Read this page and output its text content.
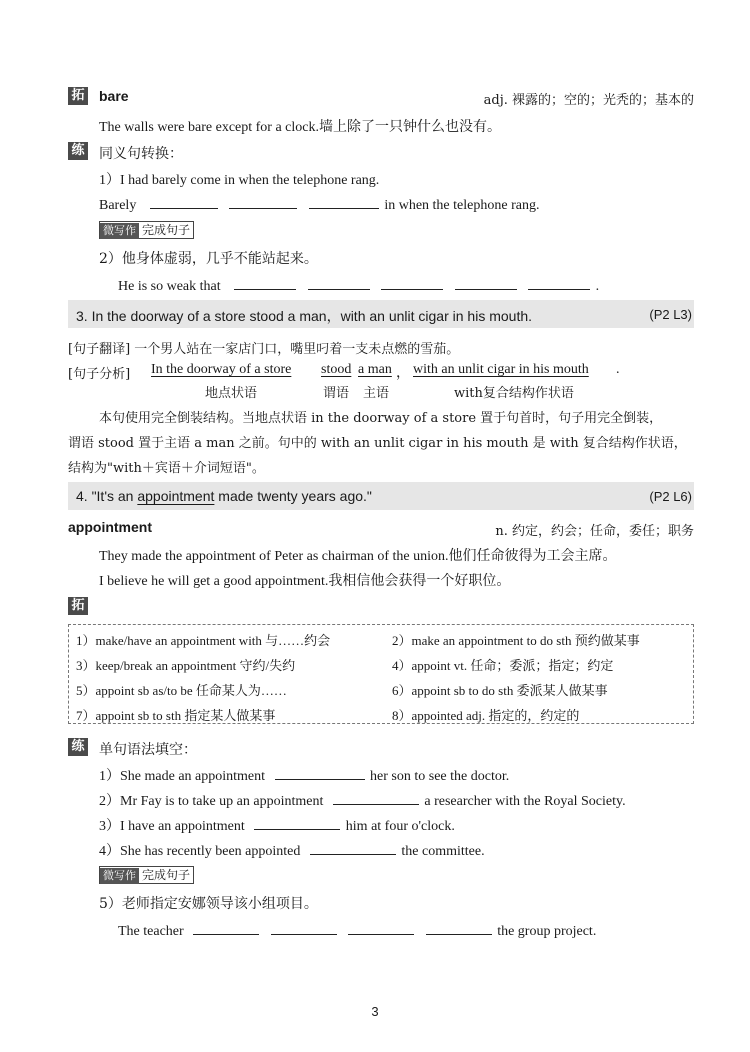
拓 bare	adj. 裸露的；空的；光秃的；基本的
The walls were bare except for a clock.墙上除了一只钟什么也没有。
练 同义句转换：
1）I had barely come in when the telephone rang.
Barely	in when the telephone rang.
微写作 完成句子
2）他身体虚弱，几乎不能站起来。
He is so weak that	.
3. In the doorway of a store stood a man，with an unlit cigar in his mouth.	(P2 L3)
[句子翻译] 一个男人站在一家店门口，嘴里叼着一支未点燃的雪茄。
[句子分析] In the doorway of a store stood a man ， with an unlit cigar in his mouth .
地点状语	谓语 主语	with复合结构作状语
本句使用完全倒装结构。当地点状语 in the doorway of a store 置于句首时，句子用完全倒装，
谓语 stood 置于主语 a man 之前。句中的 with an unlit cigar in his mouth 是 with 复合结构作状语，
结构为"with＋宾语＋介词短语"。
4. "It's an appointment made twenty years ago."	(P2 L6)
appointment	n. 约定，约会；任命，委任；职务
They made the appointment of Peter as chairman of the union.他们任命彼得为工会主席。
I believe he will get a good appointment.我相信他会获得一个好职位。
拓
1）make/have an appointment with 与……约会	2）make an appointment to do sth 预约做某事
3）keep/break an appointment 守约/失约	4）appoint vt. 任命；委派；指定；约定
5）appoint sb as/to be 任命某人为……	6）appoint sb to do sth 委派某人做某事
7）appoint sb to sth 指定某人做某事	8）appointed adj. 指定的，约定的
练 单句语法填空：
1）She made an appointment	her son to see the doctor.
2）Mr Fay is to take up an appointment	a researcher with the Royal Society.
3）I have an appointment	him at four o'clock.
4）She has recently been appointed	the committee.
微写作 完成句子
5）老师指定安娜领导该小组项目。
The teacher	the group project.
3
